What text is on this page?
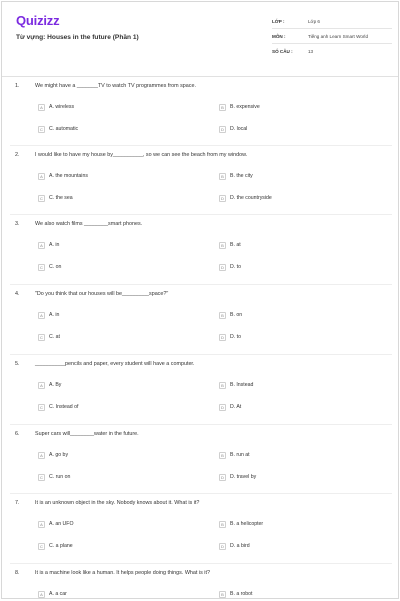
Quizizz
Từ vựng: Houses in the future (Phần 1)
LỚP :	Lớp 6
MÔN :	Tiếng anh Learn Smart World
SỐ CÂU :	13
1.	We might have a _______TV to watch TV programmes from space.
A	A. wireless	B	B. expensive
C	C. automatic	D	D. local
2.	I would like to have my house by__________, so we can see the beach from my window.
A	A. the mountains	B	B. the city
C	C. the sea	D	D. the countryside
3.	We also watch films ________smart phones.
A	A. in	B	B. at
C	C. on	D	D. to
4.	"Do you think that our houses will be_________space?"
A	A. in	B	B. on
C	C. at	D	D. to
5.	__________pencils and paper, every student will have a computer.
A	A. By	B	B. Instead
C	C. Instead of	D	D. At
6.	Super cars will________water in the future.
A	A. go by	B	B. run at
C	C. run on	D	D. travel by
7.	It is an unknown object in the sky. Nobody knows about it. What is it?
A	A. an UFO	B	B. a helicopter
C	C. a plane	D	D. a bird
8.	It is a machine look like a human. It helps people doing things. What is it?
A	A. a car	B	B. a robot
